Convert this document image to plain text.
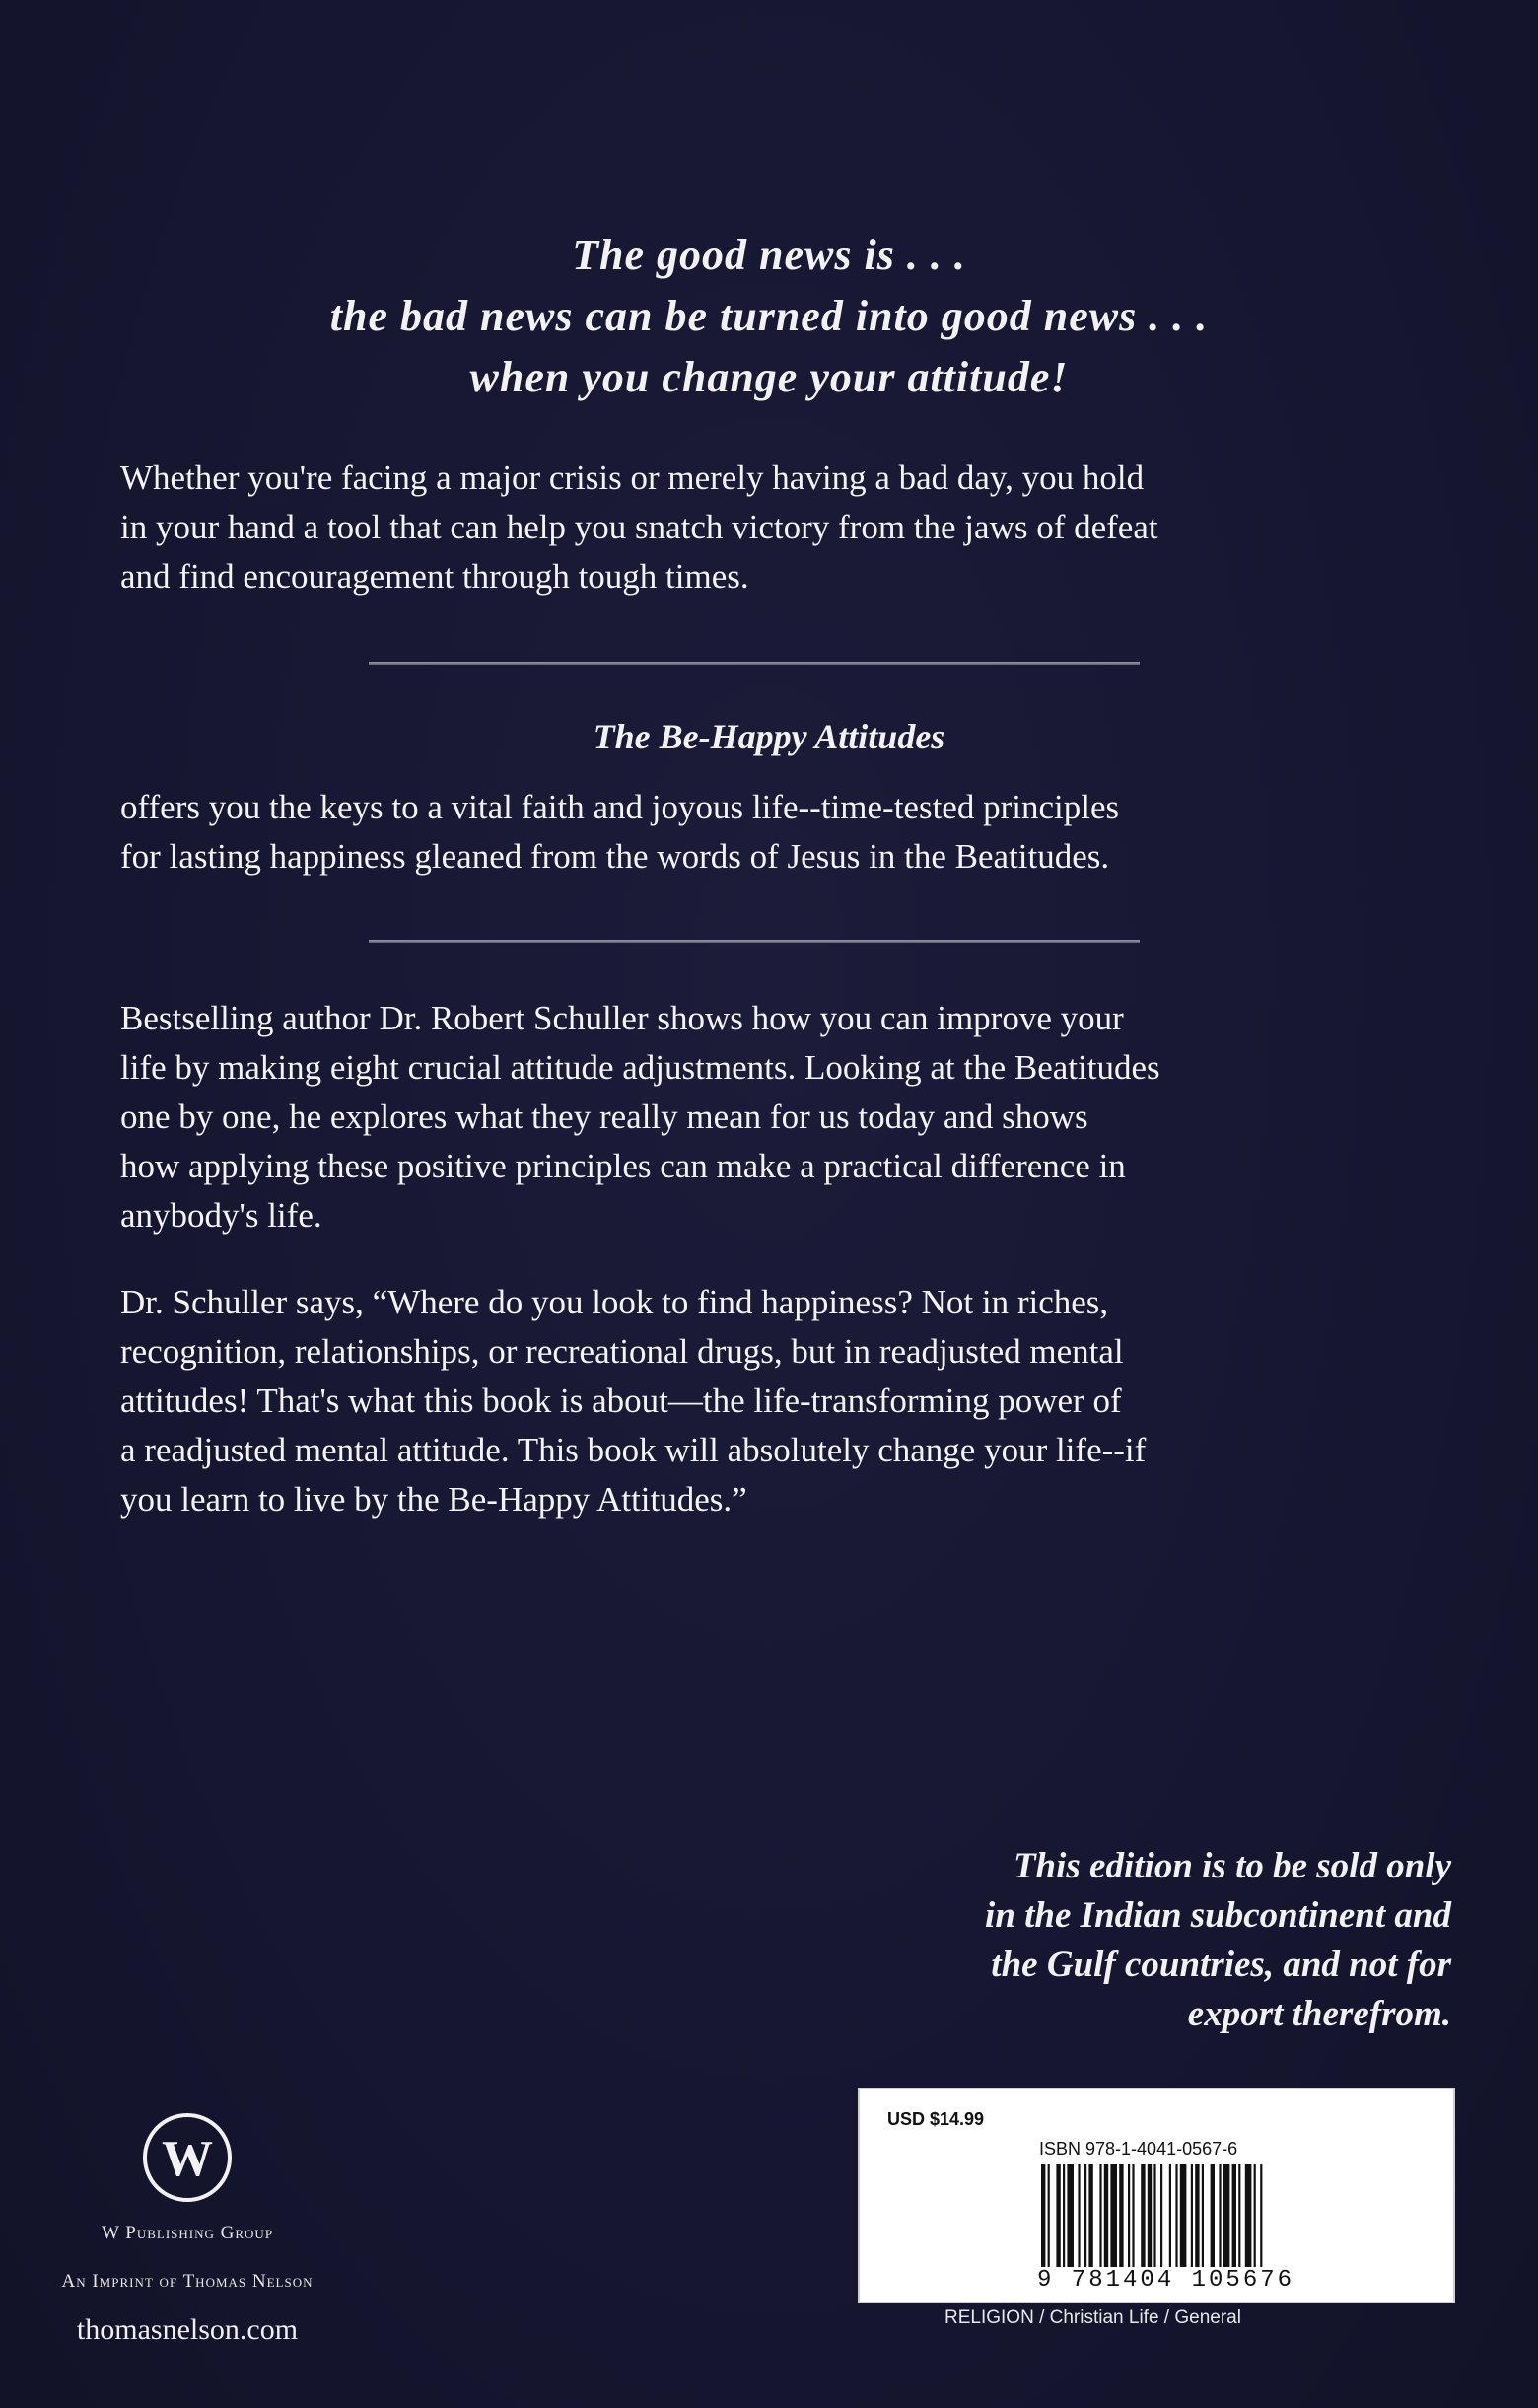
The good news is . . .
the bad news can be turned into good news . . .
when you change your attitude!
Whether you're facing a major crisis or merely having a bad day, you hold
in your hand a tool that can help you snatch victory from the jaws of defeat
and find encouragement through tough times.
The Be-Happy Attitudes
offers you the keys to a vital faith and joyous life--time-tested principles
for lasting happiness gleaned from the words of Jesus in the Beatitudes.
Bestselling author Dr. Robert Schuller shows how you can improve your
life by making eight crucial attitude adjustments. Looking at the Beatitudes
one by one, he explores what they really mean for us today and shows
how applying these positive principles can make a practical difference in
anybody's life.
Dr. Schuller says, “Where do you look to find happiness? Not in riches,
recognition, relationships, or recreational drugs, but in readjusted mental
attitudes! That's what this book is about—the life-transforming power of
a readjusted mental attitude. This book will absolutely change your life--if
you learn to live by the Be-Happy Attitudes.”
This edition is to be sold only
in the Indian subcontinent and
the Gulf countries, and not for
export therefrom.
W
W Publishing Group
An Imprint of Thomas Nelson
thomasnelson.com
USD $14.99
ISBN 978-1-4041-0567-6
9 781404 105676
RELIGION / Christian Life / General
